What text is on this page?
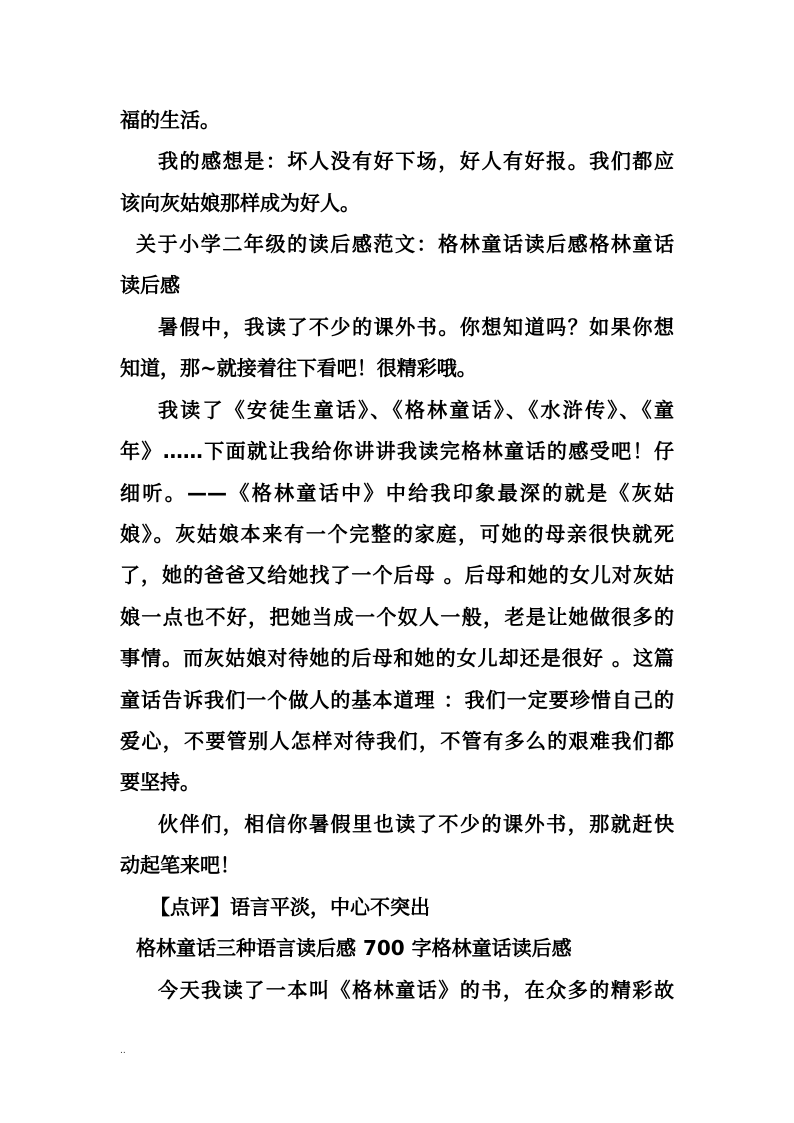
福的生活。
我的感想是：坏人没有好下场，好人有好报。我们都应
该向灰姑娘那样成为好人。
关于小学二年级的读后感范文：格林童话读后感格林童话
读后感
暑假中，我读了不少的课外书。你想知道吗？如果你想
知道，那~就接着往下看吧！很精彩哦。
我读了《安徒生童话》、《格林童话》、《水浒传》、《童
年》……下面就让我给你讲讲我读完格林童话的感受吧！仔
细听。——《格林童话中》中给我印象最深的就是《灰姑
娘》。灰姑娘本来有一个完整的家庭，可她的母亲很快就死
了，她的爸爸又给她找了一个后母 。后母和她的女儿对灰姑
娘一点也不好，把她当成一个奴人一般，老是让她做很多的
事情。而灰姑娘对待她的后母和她的女儿却还是很好 。这篇
童话告诉我们一个做人的基本道理 ：我们一定要珍惜自己的
爱心，不要管别人怎样对待我们，不管有多么的艰难我们都
要坚持。
伙伴们，相信你暑假里也读了不少的课外书，那就赶快
动起笔来吧！
【点评】语言平淡，中心不突出
格林童话三种语言读后感 700 字格林童话读后感
今天我读了一本叫《格林童话》的书，在众多的精彩故
..
